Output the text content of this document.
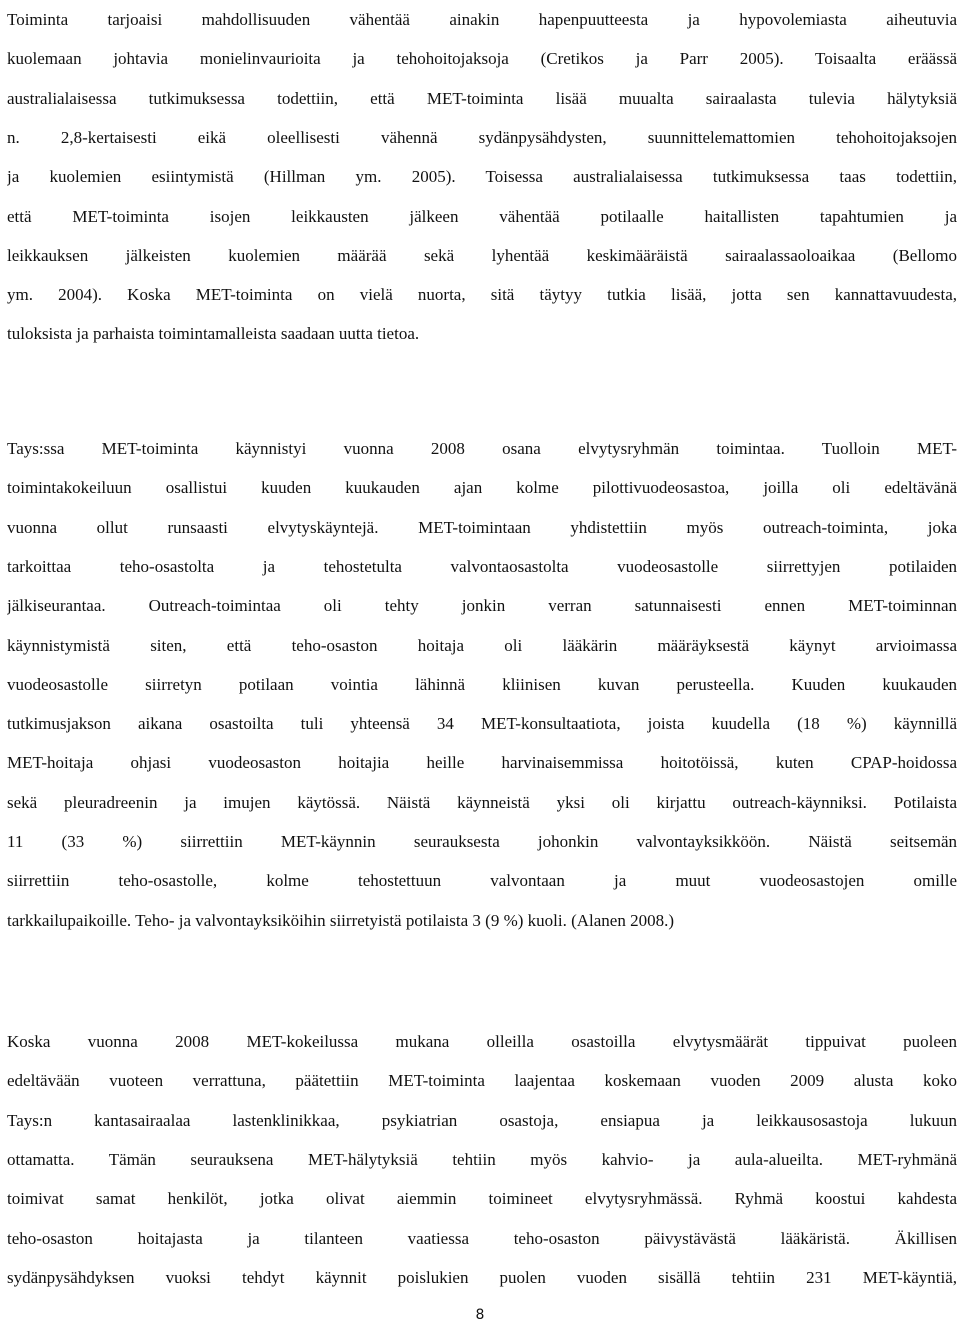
Toiminta tarjoaisi mahdollisuuden vähentää ainakin hapenpuutteesta ja hypovolemiasta aiheutuvia
kuolemaan johtavia monielinvaurioita ja tehohoitojaksoja (Cretikos ja Parr 2005). Toisaalta eräässä
australialaisessa tutkimuksessa todettiin, että MET-toiminta lisää muualta sairaalasta tulevia hälytyksiä
n. 2,8-kertaisesti eikä oleellisesti vähennä sydänpysähdysten, suunnittelemattomien tehohoitojaksojen
ja kuolemien esiintymistä (Hillman ym. 2005). Toisessa australialaisessa tutkimuksessa taas todettiin,
että MET-toiminta isojen leikkausten jälkeen vähentää potilaalle haitallisten tapahtumien ja
leikkauksen jälkeisten kuolemien määrää sekä lyhentää keskimääräistä sairaalassaoloaikaa (Bellomo
ym. 2004). Koska MET-toiminta on vielä nuorta, sitä täytyy tutkia lisää, jotta sen kannattavuudesta,
tuloksista ja parhaista toimintamalleista saadaan uutta tietoa.
Tays:ssa MET-toiminta käynnistyi vuonna 2008 osana elvytysryhmän toimintaa. Tuolloin MET-
toimintakokeiluun osallistui kuuden kuukauden ajan kolme pilottivuodeosastoa, joilla oli edeltävänä
vuonna ollut runsaasti elvytyskäyntejä. MET-toimintaan yhdistettiin myös outreach-toiminta, joka
tarkoittaa teho-osastolta ja tehostetulta valvontaosastolta vuodeosastolle siirrettyjen potilaiden
jälkiseurantaa. Outreach-toimintaa oli tehty jonkin verran satunnaisesti ennen MET-toiminnan
käynnistymistä siten, että teho-osaston hoitaja oli lääkärin määräyksestä käynyt arvioimassa
vuodeosastolle siirretyn potilaan vointia lähinnä kliinisen kuvan perusteella. Kuuden kuukauden
tutkimusjakson aikana osastoilta tuli yhteensä 34 MET-konsultaatiota, joista kuudella (18 %) käynnillä
MET-hoitaja ohjasi vuodeosaston hoitajia heille harvinaisemmissa hoitotöissä, kuten CPAP-hoidossa
sekä pleuradreenin ja imujen käytössä. Näistä käynneistä yksi oli kirjattu outreach-käynniksi. Potilaista
11 (33 %) siirrettiin MET-käynnin seurauksesta johonkin valvontayksikköön. Näistä seitsemän
siirrettiin teho-osastolle, kolme tehostettuun valvontaan ja muut vuodeosastojen omille
tarkkailupaikoille. Teho- ja valvontayksiköihin siirretyistä potilaista 3 (9 %) kuoli. (Alanen 2008.)
Koska vuonna 2008 MET-kokeilussa mukana olleilla osastoilla elvytysmäärät tippuivat puoleen
edeltävään vuoteen verrattuna, päätettiin MET-toiminta laajentaa koskemaan vuoden 2009 alusta koko
Tays:n kantasairaalaa lastenklinikkaa, psykiatrian osastoja, ensiapua ja leikkausosastoja lukuun
ottamatta. Tämän seurauksena MET-hälytyksiä tehtiin myös kahvio- ja aula-alueilta. MET-ryhmänä
toimivat samat henkilöt, jotka olivat aiemmin toimineet elvytysryhmässä. Ryhmä koostui kahdesta
teho-osaston hoitajasta ja tilanteen vaatiessa teho-osaston päivystävästä lääkäristä. Äkillisen
sydänpysähdyksen vuoksi tehdyt käynnit poislukien puolen vuoden sisällä tehtiin 231 MET-käyntiä,
8
